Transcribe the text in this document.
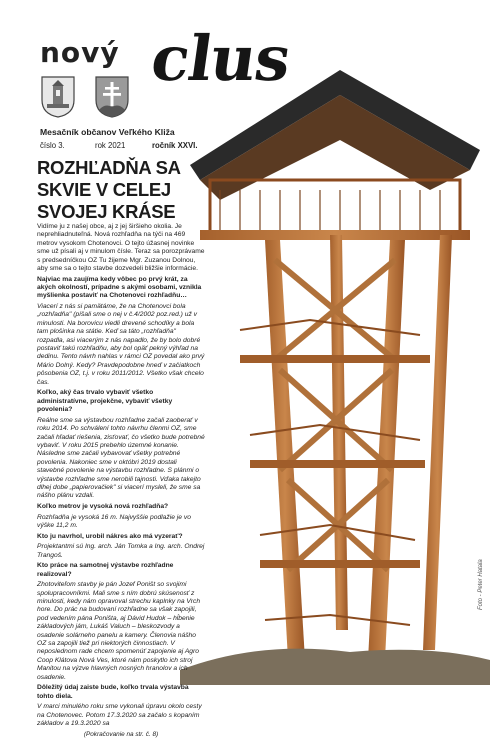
nový clus
Mesačník občanov Veľkého Kliža
číslo 3.	rok 2021	ročník XXVI.
ROZHĽADŇA SA
SKVIE V CELEJ
SVOJEJ KRÁSE

Vidíme ju z našej obce, aj z jej širšieho okolia. Je neprehliadnuteľná. Nová rozhľadňa na týči na 469 metrov vysokom Chotenovci. O tejto úžasnej novinke sme už písali aj v minulom čísle. Teraz sa porozprávame s predsedníčkou OZ Tu žijeme Mgr. Zuzanou Dolnou, aby sme sa o tejto stavbe dozvedeli bližšie informácie.

Najviac ma zaujíma kedy vôbec po prvý krát, za akých okolností, prípadne s akými osobami, vznikla myšlienka postaviť na Chotenovci rozhľadňu…

Viacerí z nás si pamätáme, že na Chotenovci bola „rozhľadňa" (píšali sme o nej v č.4/2002 poz.red.) už v minulosti. Na borovicu viedli drevené schodíky a bola tam plošinka na státie. Keď sa táto „rozhľadňa" rozpadla, asi viacerým z nás napadlo, že by bolo dobré postaviť takú rozhľadňu, aby bol opäť pekný výhľad na dedinu. Tento návrh nahlas v rámci OZ povedal ako prvý Mário Dolný. Kedy? Pravdepodobne hneď v začiatkoch pôsobenia OZ, t.j. v roku 2011/2012. Všetko však chcelo čas.

Koľko, aký čas trvalo vybaviť všetko administratívne, projekčne, vybaviť všetky povolenia?

Reálne sme sa výstavbou rozhľadne začali zaoberať v roku 2014. Po schválení tohto návrhu členmi OZ, sme začali hľadať riešenia, zisťovať, čo všetko bude potrebné vybaviť. V roku 2015 prebehlo územné konanie. Následne sme začali vybavovať všetky potrebné povolenia. Nakoniec sme v októbri 2019 dostali stavebné povolenie na výstavbu rozhľadne. S plánmi o výstavbe rozhľadne sme nerobili tajnosti. Vďaka takejto dlhej dobe „papierovačiek" si viacerí mysleli, že sme sa nášho plánu vzdali.

Koľko metrov je vysoká nová rozhľadňa?

Rozhľadňa je vysoká 16 m. Najvyššie podlažie je vo výške 11,2 m.

Kto ju navrhol, urobil nákres ako má vyzerať?

Projektantmi sú Ing. arch. Ján Tomka a Ing. arch. Ondrej Trangoš.

Kto práce na samotnej výstavbe rozhľadne realizoval?

Zhotoviteľom stavby je pán Jozef Poništ so svojimi spolupracovníkmi. Mali sme s ním dobrú skúsenosť z minulosti, kedy nám opravoval strechu kaplnky na Vrch hore. Do prác na budovaní rozhľadne sa však zapojili, pod vedením pána Poništa, aj Dávid Hudok – hĺbenie základových jám, Lukáš Valuch – bleskozvody a osadenie solárneho panelu a kamery. Členovia nášho OZ sa zapojili tiež pri niektorých činnostiach. V neposlednom rade chcem spomenúť zapojenie aj Agro Coop Klátova Nová Ves, ktoré nám poskytlo ich stroj Manitou na výzve hlavných nosných hranolov a ich osadenie.

Dôležitý údaj zaiste bude, koľko trvala výstavba tohto diela.

V marci minulého roku sme vykonali úpravu okolo cesty na Chotenovec. Potom 17.3.2020 sa začalo s kopaním základov a 19.3.2020 sa

(Pokračovanie na str. č. 8)
Foto - Peter Hatala
